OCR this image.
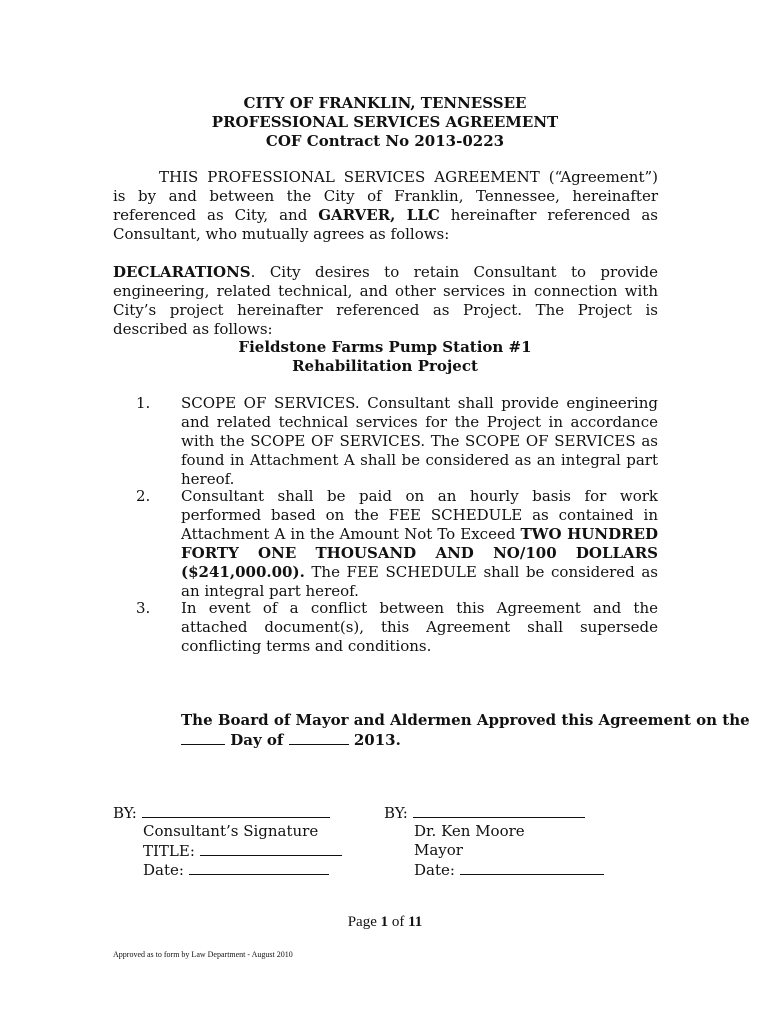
CITY OF FRANKLIN, TENNESSEE
PROFESSIONAL SERVICES AGREEMENT
COF Contract No 2013-0223
THIS PROFESSIONAL SERVICES AGREEMENT (“Agreement”) is by and between the City of Franklin, Tennessee, hereinafter referenced as City, and GARVER, LLC hereinafter referenced as Consultant, who mutually agrees as follows:
DECLARATIONS. City desires to retain Consultant to provide engineering, related technical, and other services in connection with City’s project hereinafter referenced as Project. The Project is described as follows:
Fieldstone Farms Pump Station #1
Rehabilitation Project
1. SCOPE OF SERVICES. Consultant shall provide engineering and related technical services for the Project in accordance with the SCOPE OF SERVICES. The SCOPE OF SERVICES as found in Attachment A shall be considered as an integral part hereof.
2. Consultant shall be paid on an hourly basis for work performed based on the FEE SCHEDULE as contained in Attachment A in the Amount Not To Exceed TWO HUNDRED FORTY ONE THOUSAND AND NO/100 DOLLARS ($241,000.00). The FEE SCHEDULE shall be considered as an integral part hereof.
3. In event of a conflict between this Agreement and the attached document(s), this Agreement shall supersede conflicting terms and conditions.
The Board of Mayor and Aldermen Approved this Agreement on the
Day of	2013.
BY:
Consultant’s Signature
TITLE:
Date:
BY:
Dr. Ken Moore
Mayor
Date:
Page 1 of 11
Approved as to form by Law Department - August 2010
